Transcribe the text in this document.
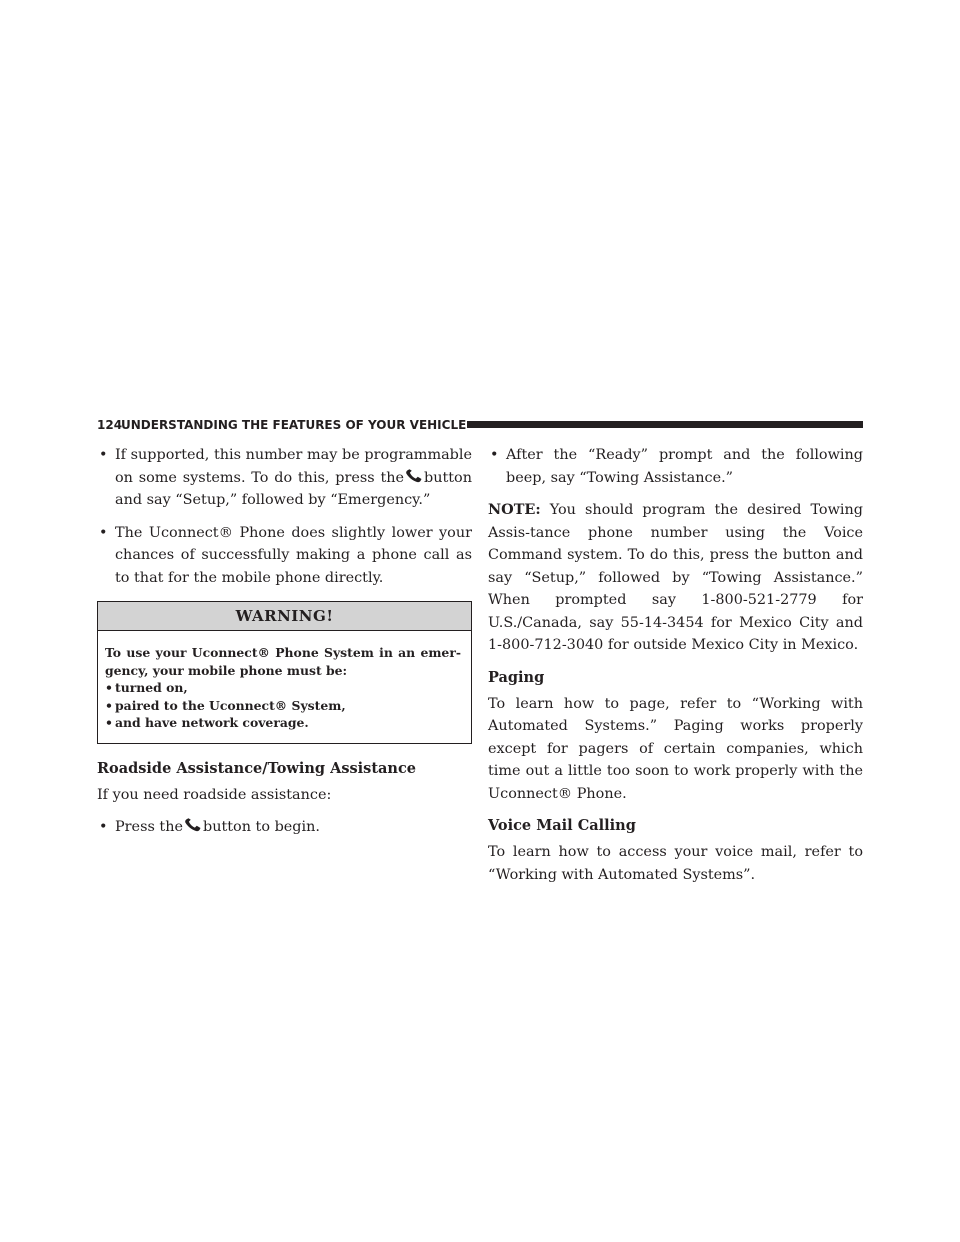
124
UNDERSTANDING THE FEATURES OF YOUR VEHICLE
• If supported, this number may be programmable on some systems. To do this, press the button and say “Setup,” followed by “Emergency.”
• The Uconnect® Phone does slightly lower your chances of successfully making a phone call as to that for the mobile phone directly.
WARNING!

To use your Uconnect® Phone System in an emer-gency, your mobile phone must be:

• turned on,
• paired to the Uconnect® System,
• and have network coverage.
Roadside Assistance/Towing Assistance

If you need roadside assistance:

• Press the button to begin.
• After the “Ready” prompt and the following beep, say “Towing Assistance.”

NOTE: You should program the desired Towing Assis-tance phone number using the Voice Command system. To do this, press the button and say “Setup,” followed by “Towing Assistance.” When prompted say 1-800-521-2779 for U.S./Canada, say 55-14-3454 for Mexico City and 1-800-712-3040 for outside Mexico City in Mexico.

Paging

To learn how to page, refer to “Working with Automated Systems.” Paging works properly except for pagers of certain companies, which time out a little too soon to work properly with the Uconnect® Phone.

Voice Mail Calling

To learn how to access your voice mail, refer to “Working with Automated Systems”.
